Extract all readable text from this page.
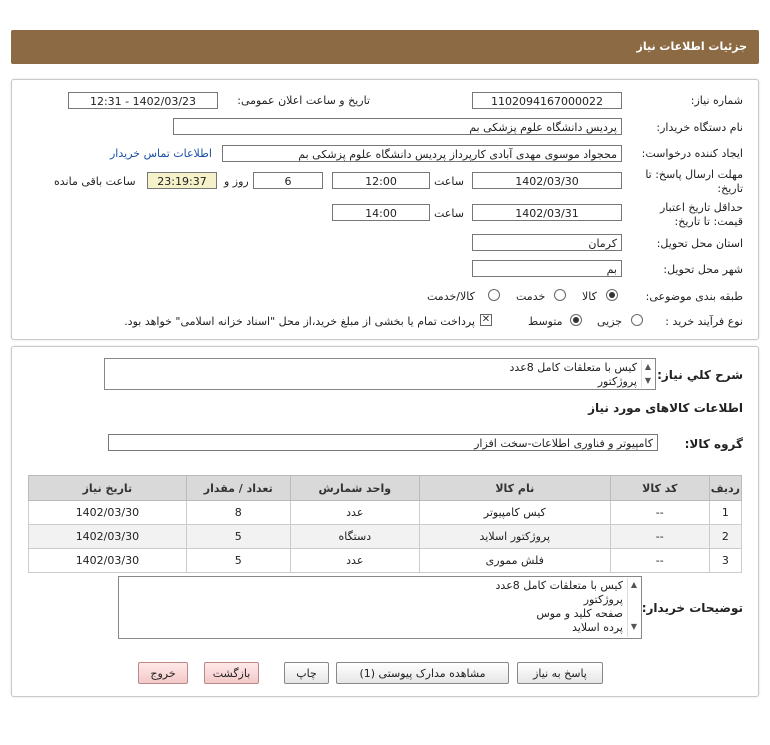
جزئیات اطلاعات نیاز
شماره نیاز:
1102094167000022
تاریخ و ساعت اعلان عمومی:
1402/03/23 - 12:31
نام دستگاه خریدار:
پردیس دانشگاه علوم پزشکی بم
ایجاد کننده درخواست:
محجواد موسوی مهدی آبادی کارپرداز پردیس دانشگاه علوم پزشکی بم
اطلاعات تماس خریدار
مهلت ارسال پاسخ: تا
تاریخ:
1402/03/30
ساعت
12:00
6
روز و
23:19:37
ساعت باقی مانده
حداقل تاریخ اعتبار
قیمت: تا تاریخ:
1402/03/31
ساعت
14:00
استان محل تحویل:
کرمان
شهر محل تحویل:
بم
طبقه بندی موضوعی:
کالا
خدمت
کالا/خدمت
نوع فرآیند خرید :
جزیی
متوسط
✕
پرداخت تمام یا بخشی از مبلغ خرید،از محل "اسناد خزانه اسلامی" خواهد بود.
شرح كلي نياز:
کیس با متعلقات کامل 8عدد
پروژکتور
▲
▼
اطلاعات کالاهای مورد نیاز
گروه کالا:
کامپیوتر و فناوری اطلاعات-سخت افزار
ردیف	کد کالا	نام کالا	واحد شمارش	تعداد / مقدار	تاریخ نیاز
1	--	کیس کامپیوتر	عدد	8	1402/03/30
2	--	پروژکتور اسلاید	دستگاه	5	1402/03/30
3	--	فلش مموری	عدد	5	1402/03/30
توضیحات خریدار:
کیس با متعلقات کامل 8عدد
پروژکتور
صفحه کلید و موس
پرده اسلاید
▲

▼
پاسخ به نیاز
مشاهده مدارک پیوستی (1)
چاپ
بازگشت
خروج
